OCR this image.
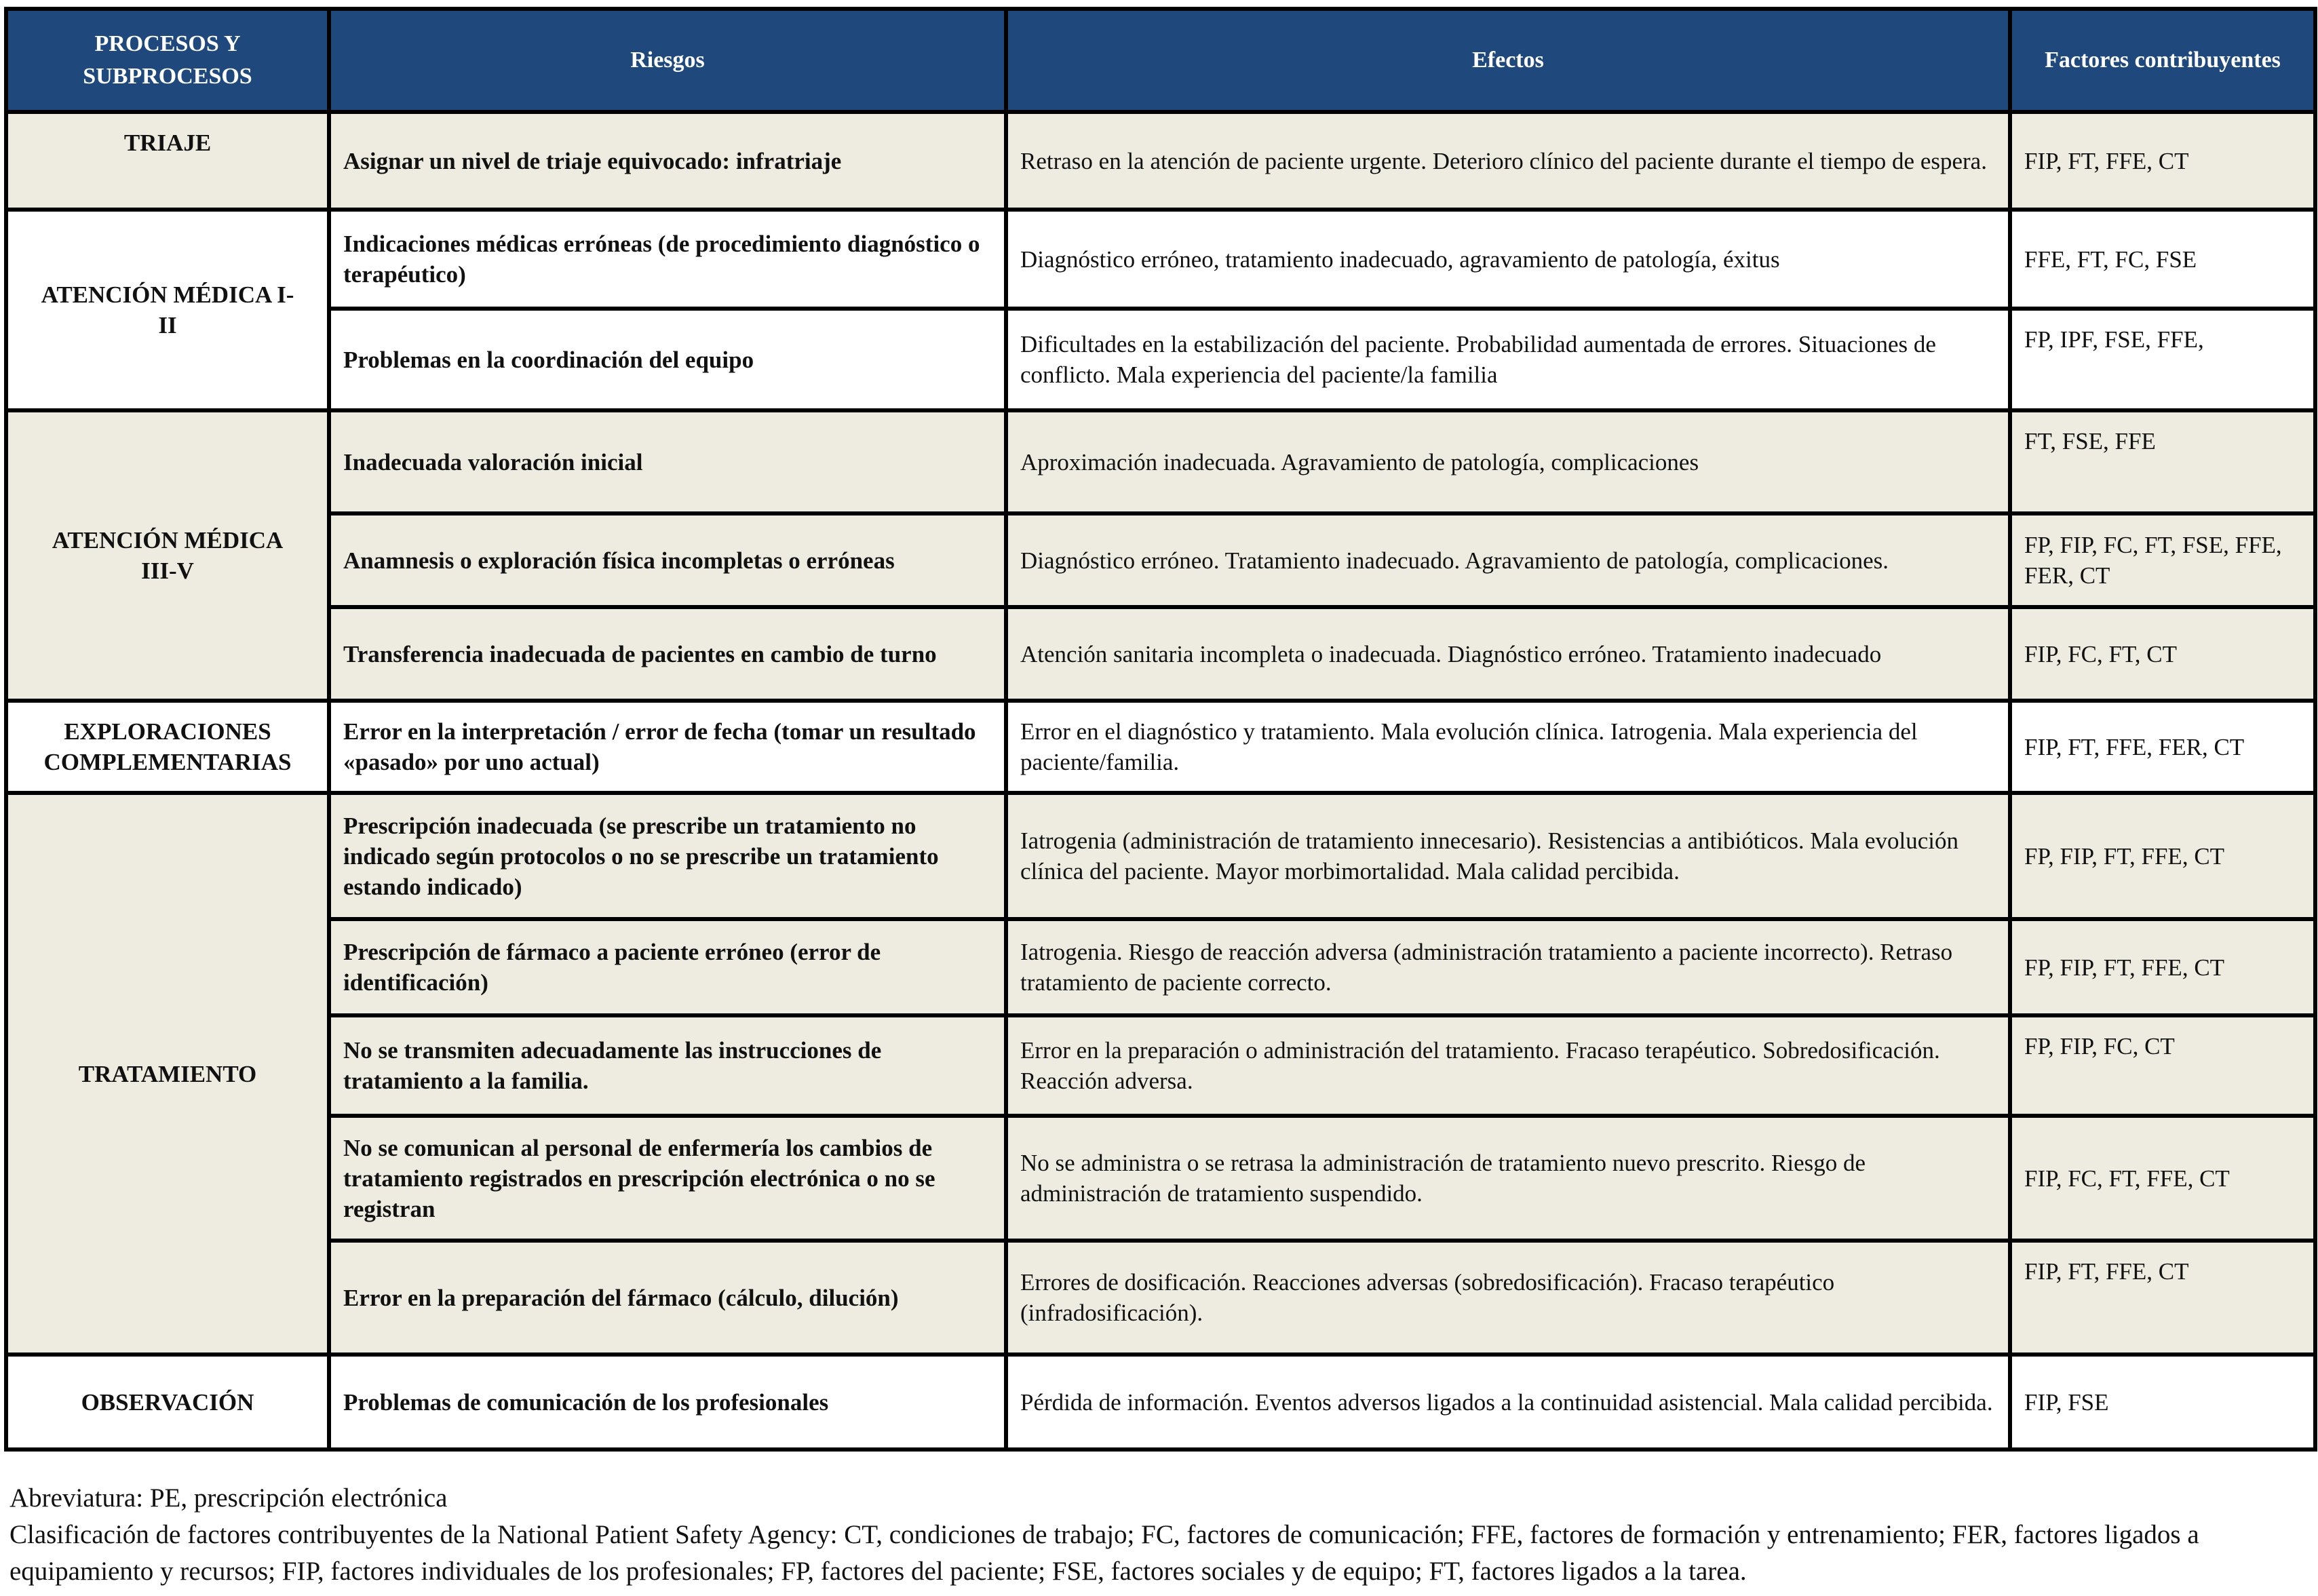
PROCESOS Y SUBPROCESOS	Riesgos	Efectos	Factores contribuyentes
TRIAJE	Asignar un nivel de triaje equivocado: infratriaje	Retraso en la atención de paciente urgente. Deterioro clínico del paciente durante el tiempo de espera.	FIP, FT, FFE, CT
ATENCIÓN MÉDICA I-II	Indicaciones médicas erróneas (de procedimiento diagnóstico o terapéutico)	Diagnóstico erróneo, tratamiento inadecuado, agravamiento de patología, éxitus	FFE, FT, FC, FSE
	Problemas en la coordinación del equipo	Dificultades en la estabilización del paciente. Probabilidad aumentada de errores. Situaciones de conflicto. Mala experiencia del paciente/la familia	FP, IPF, FSE, FFE,
ATENCIÓN MÉDICA III-V	Inadecuada valoración inicial	Aproximación inadecuada. Agravamiento de patología, complicaciones	FT, FSE, FFE
	Anamnesis o exploración física incompletas o erróneas	Diagnóstico erróneo. Tratamiento inadecuado. Agravamiento de patología, complicaciones.	FP, FIP, FC, FT, FSE, FFE, FER, CT
	Transferencia inadecuada de pacientes en cambio de turno	Atención sanitaria incompleta o inadecuada. Diagnóstico erróneo. Tratamiento inadecuado	FIP, FC, FT, CT
EXPLORACIONES COMPLEMENTARIAS	Error en la interpretación / error de fecha (tomar un resultado «pasado» por uno actual)	Error en el diagnóstico y tratamiento. Mala evolución clínica. Iatrogenia. Mala experiencia del paciente/familia.	FIP, FT, FFE, FER, CT
TRATAMIENTO	Prescripción inadecuada (se prescribe un tratamiento no indicado según protocolos o no se prescribe un tratamiento estando indicado)	Iatrogenia (administración de tratamiento innecesario). Resistencias a antibióticos. Mala evolución clínica del paciente. Mayor morbimortalidad. Mala calidad percibida.	FP, FIP, FT, FFE, CT
	Prescripción de fármaco a paciente erróneo (error de identificación)	Iatrogenia. Riesgo de reacción adversa (administración tratamiento a paciente incorrecto). Retraso tratamiento de paciente correcto.	FP, FIP, FT, FFE, CT
	No se transmiten adecuadamente las instrucciones de tratamiento a la familia.	Error en la preparación o administración del tratamiento. Fracaso terapéutico. Sobredosificación. Reacción adversa.	FP, FIP, FC, CT
	No se comunican al personal de enfermería los cambios de tratamiento registrados en prescripción electrónica o no se registran	No se administra o se retrasa la administración de tratamiento nuevo prescrito. Riesgo de administración de tratamiento suspendido.	FIP, FC, FT, FFE, CT
	Error en la preparación del fármaco (cálculo, dilución)	Errores de dosificación. Reacciones adversas (sobredosificación). Fracaso terapéutico (infradosificación).	FIP, FT, FFE, CT
OBSERVACIÓN	Problemas de comunicación de los profesionales	Pérdida de información. Eventos adversos ligados a la continuidad asistencial. Mala calidad percibida.	FIP, FSE
Abreviatura: PE, prescripción electrónica
Clasificación de factores contribuyentes de la National Patient Safety Agency: CT, condiciones de trabajo; FC, factores de comunicación; FFE, factores de formación y entrenamiento; FER, factores ligados a equipamiento y recursos; FIP, factores individuales de los profesionales; FP, factores del paciente; FSE, factores sociales y de equipo; FT, factores ligados a la tarea.
